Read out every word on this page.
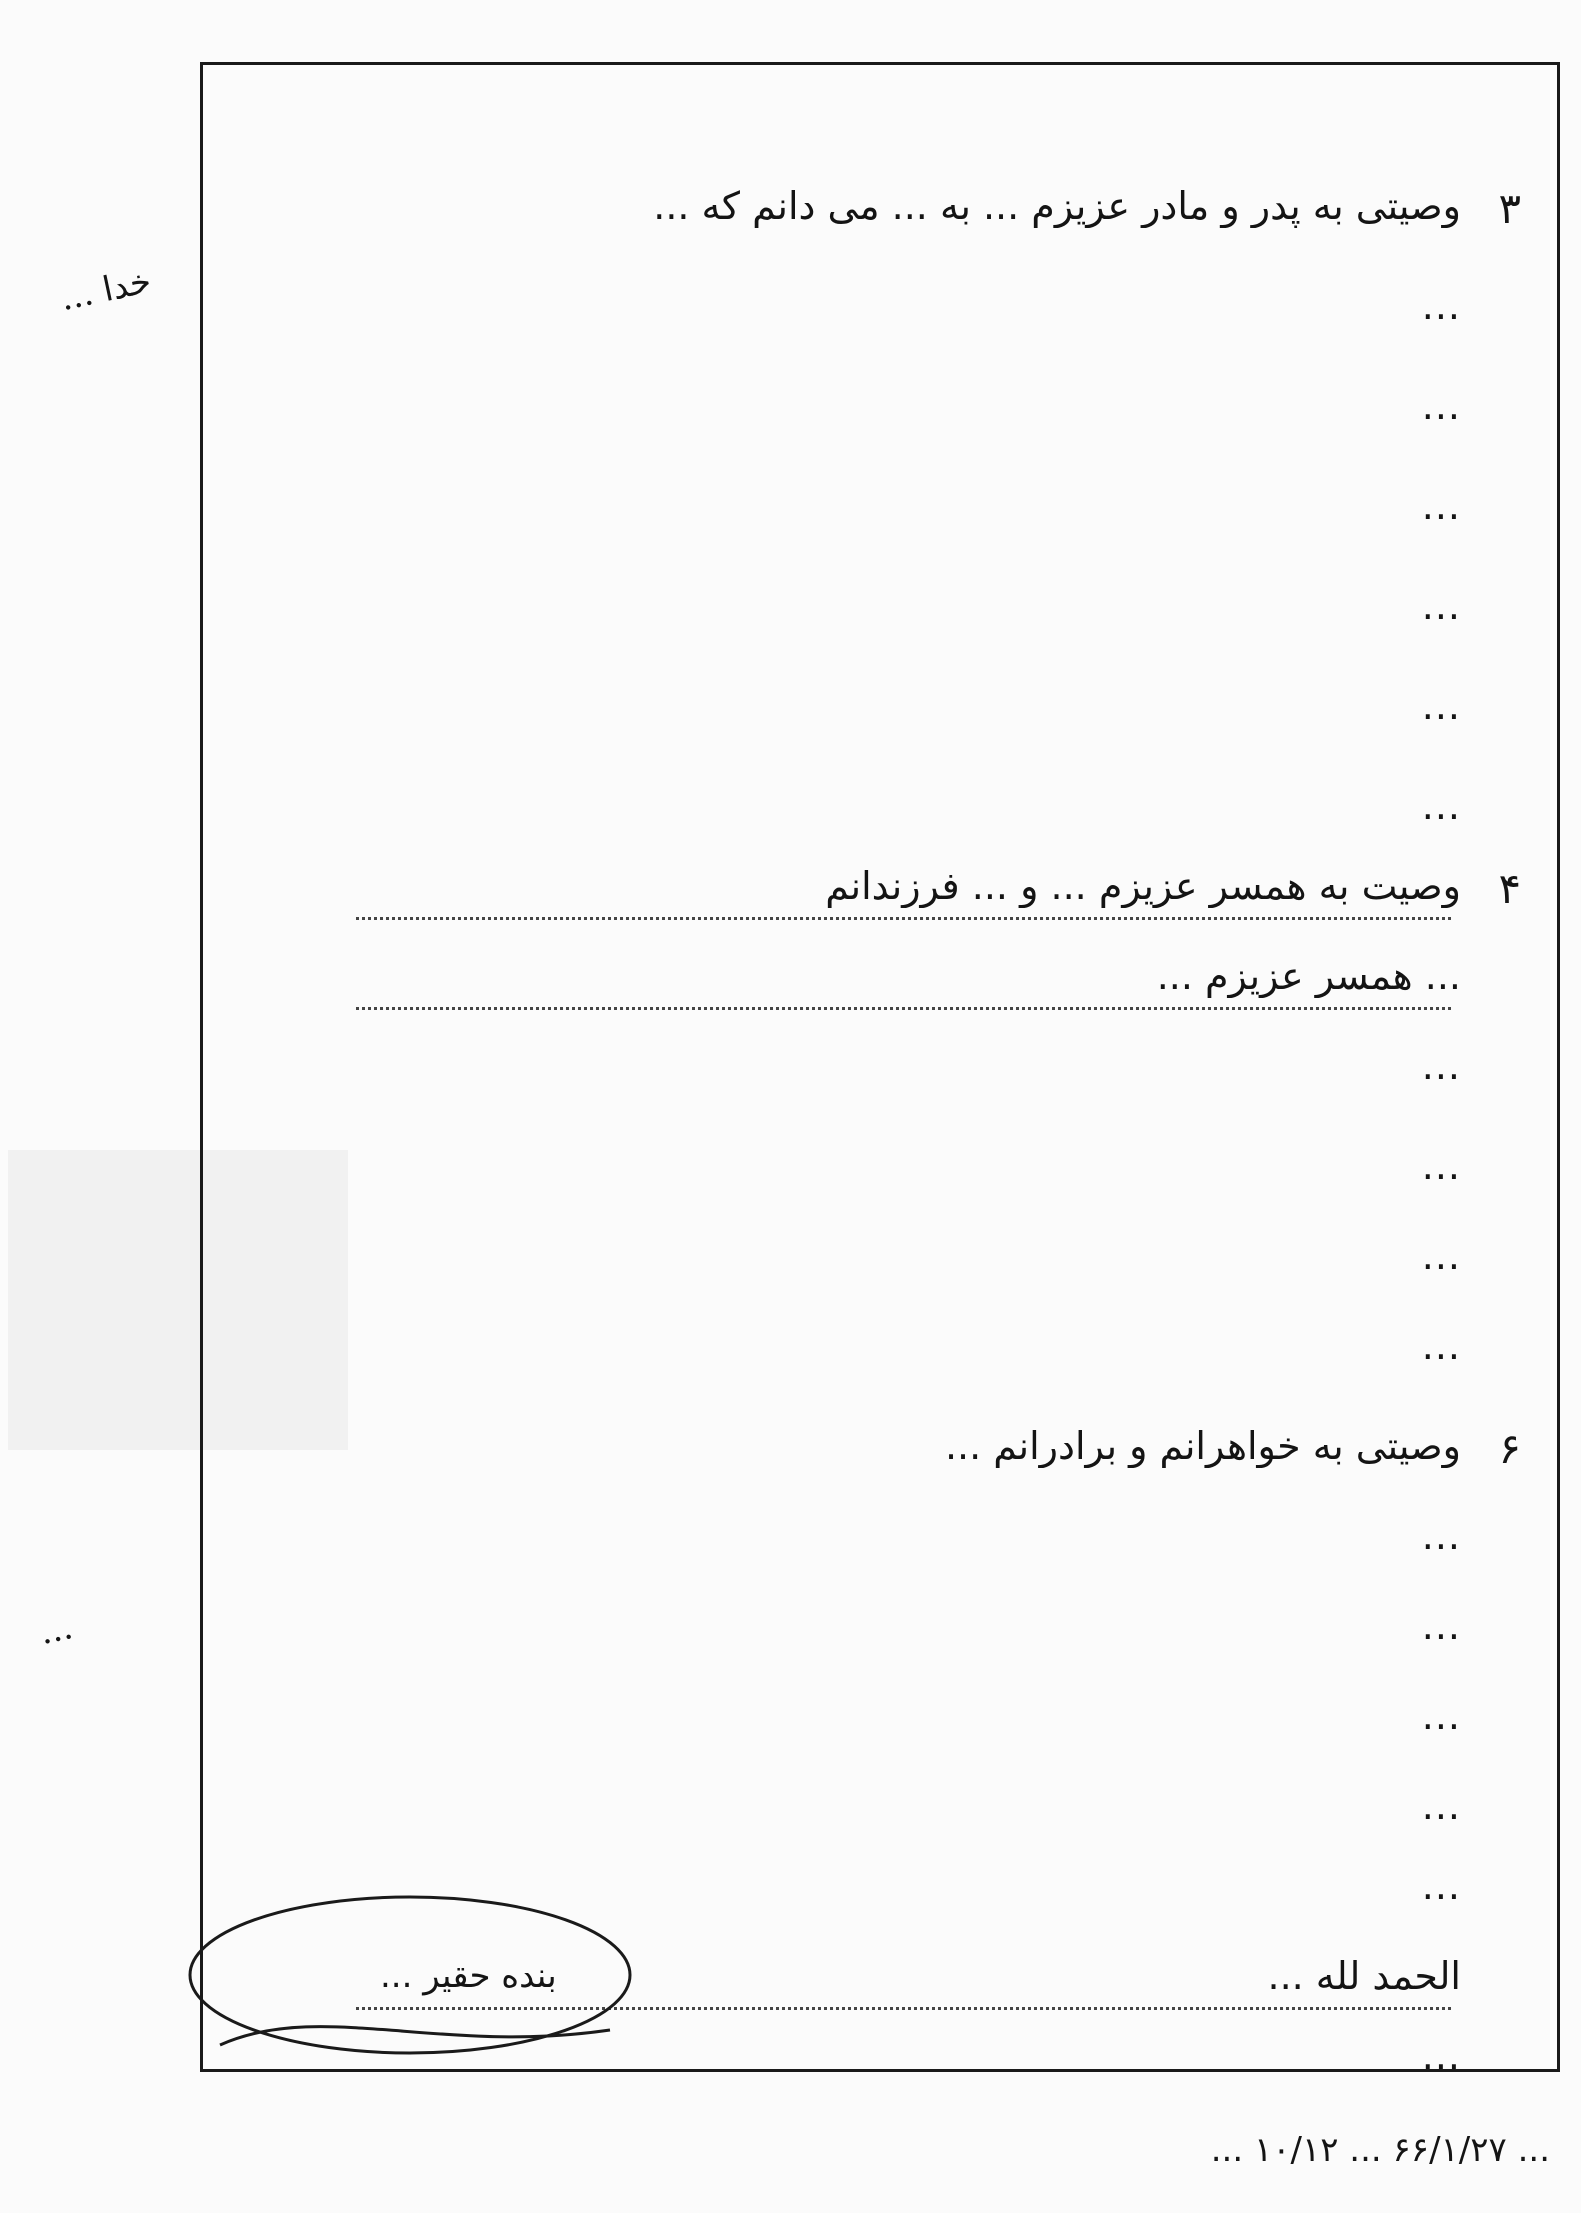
۳
وصیتی به پدر و مادر عزیزم ... به ... می دانم که ...
...
...
...
...
...
...
۴
وصیت به همسر عزیزم ... و ... فرزندانم
... همسر عزیزم ...
...
...
...
...
۶
وصیتی به خواهرانم و برادرانم ...
...
...
...
...
...
الحمد لله ...
...
خدا ...
...
بنده حقیر ...
... ۶۶/۱/۲۷ ... ۱۰/۱۲ ...
